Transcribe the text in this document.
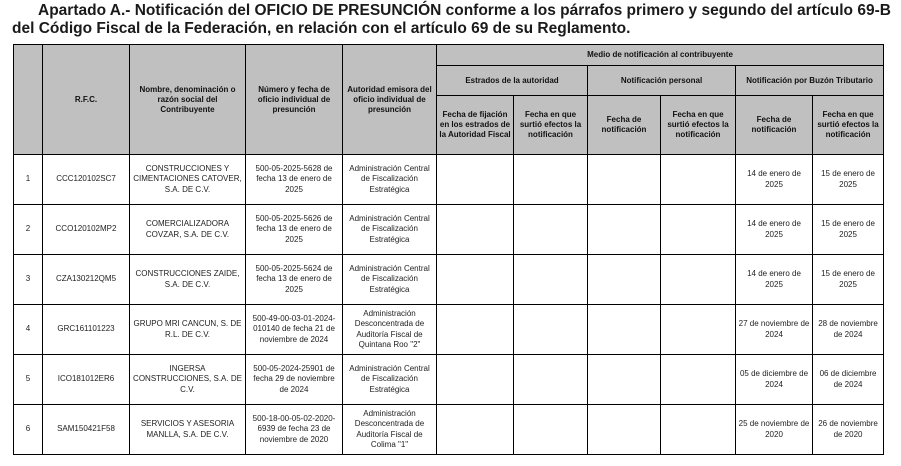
Apartado A.- Notificación del OFICIO DE PRESUNCIÓN conforme a los párrafos primero y segundo del artículo 69-B
del Código Fiscal de la Federación, en relación con el artículo 69 de su Reglamento.
	R.F.C.	Nombre, denominación o razón social del Contribuyente	Número y fecha de oficio individual de presunción	Autoridad emisora del oficio individual de presunción	Medio de notificación al contribuyente					
					Estrados de la autoridad		Notificación personal		Notificación por Buzón Tributario	
					Fecha de fijación en los estrados de la Autoridad Fiscal	Fecha en que surtió efectos la notificación	Fecha de notificación	Fecha en que surtió efectos la notificación	Fecha de notificación	Fecha en que surtió efectos la notificación
1	CCC120102SC7	CONSTRUCCIONES Y CIMENTACIONES CATOVER, S.A. DE C.V.	500-05-2025-5628 de fecha 13 de enero de 2025	Administración Central de Fiscalización Estratégica					14 de enero de 2025	15 de enero de 2025
2	CCO120102MP2	COMERCIALIZADORA COVZAR, S.A. DE C.V.	500-05-2025-5626 de fecha 13 de enero de 2025	Administración Central de Fiscalización Estratégica					14 de enero de 2025	15 de enero de 2025
3	CZA130212QM5	CONSTRUCCIONES ZAIDE, S.A. DE C.V.	500-05-2025-5624 de fecha 13 de enero de 2025	Administración Central de Fiscalización Estratégica					14 de enero de 2025	15 de enero de 2025
4	GRC161101223	GRUPO MRI CANCUN, S. DE R.L. DE C.V.	500-49-00-03-01-2024-010140 de fecha 21 de noviembre de 2024	Administración Desconcentrada de Auditoría Fiscal de Quintana Roo "2"					27 de noviembre de 2024	28 de noviembre de 2024
5	ICO181012ER6	INGERSA CONSTRUCCIONES, S.A. DE C.V.	500-05-2024-25901 de fecha 29 de noviembre de 2024	Administración Central de Fiscalización Estratégica					05 de diciembre de 2024	06 de diciembre de 2024
6	SAM150421F58	SERVICIOS Y ASESORIA MANLLA, S.A. DE C.V.	500-18-00-05-02-2020-6939 de fecha 23 de noviembre de 2020	Administración Desconcentrada de Auditoría Fiscal de Colima "1"					25 de noviembre de 2020	26 de noviembre de 2020
